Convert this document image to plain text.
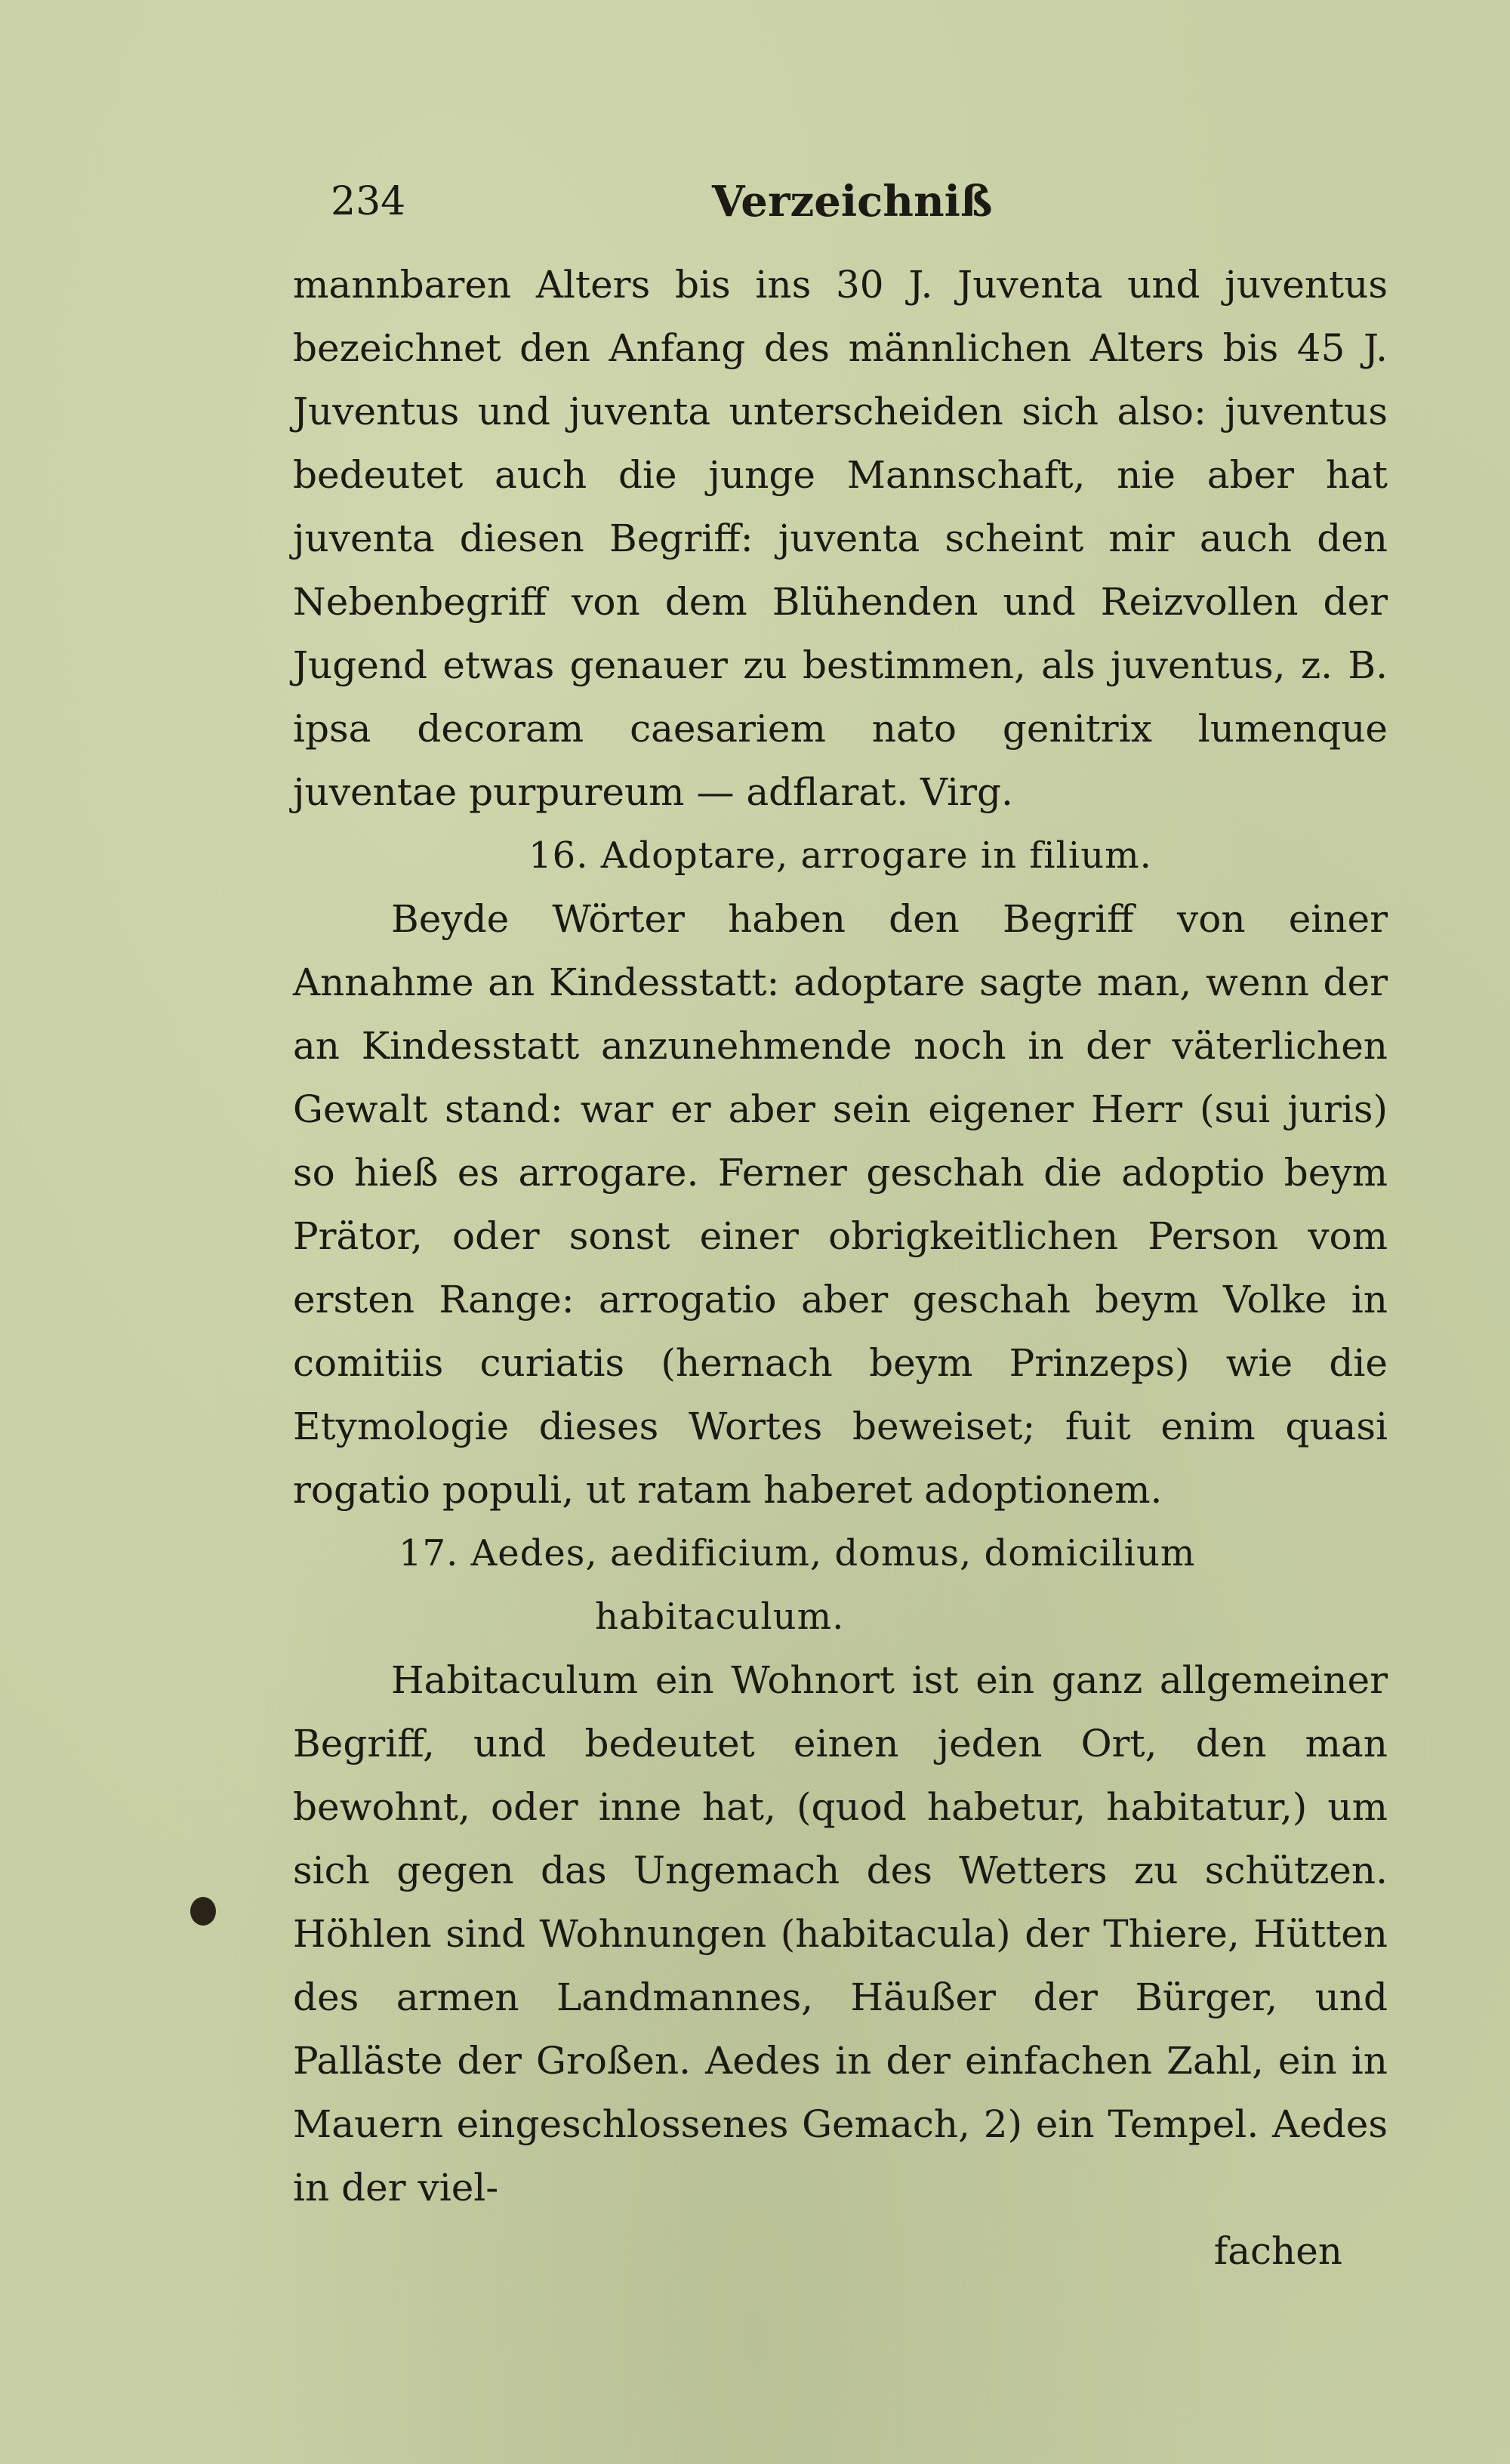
234	Verzeichniß

mannbaren Alters bis ins 30 J. Juventa und juventus bezeichnet den Anfang des männlichen Alters bis 45 J. Juventus und juventa unterscheiden sich also: juventus bedeutet auch die junge Mannschaft, nie aber hat juventa diesen Begriff: juventa scheint mir auch den Nebenbegriff von dem Blühenden und Reizvollen der Jugend etwas genauer zu bestimmen, als juventus, z. B. ipsa decoram caesariem nato genitrix lumenque juventae purpureum — adflarat. Virg.

16. Adoptare, arrogare in filium.

Beyde Wörter haben den Begriff von einer Annahme an Kindesstatt: adoptare sagte man, wenn der an Kindesstatt anzunehmende noch in der väterlichen Gewalt stand: war er aber sein eigener Herr (sui juris) so hieß es arrogare. Ferner geschah die adoptio beym Prätor, oder sonst einer obrigkeitlichen Person vom ersten Range: arrogatio aber geschah beym Volke in comitiis curiatis (hernach beym Prinzeps) wie die Etymologie dieses Wortes beweiset; fuit enim quasi rogatio populi, ut ratam haberet adoptionem.

17. Aedes, aedificium, domus, domicilium

habitaculum.

Habitaculum ein Wohnort ist ein ganz allgemeiner Begriff, und bedeutet einen jeden Ort, den man bewohnt, oder inne hat, (quod habetur, habitatur,) um sich gegen das Ungemach des Wetters zu schützen. Höhlen sind Wohnungen (habitacula) der Thiere, Hütten des armen Landmannes, Häußer der Bürger, und Palläste der Großen. Aedes in der einfachen Zahl, ein in Mauern eingeschlossenes Gemach, 2) ein Tempel. Aedes in der viel-

fachen
